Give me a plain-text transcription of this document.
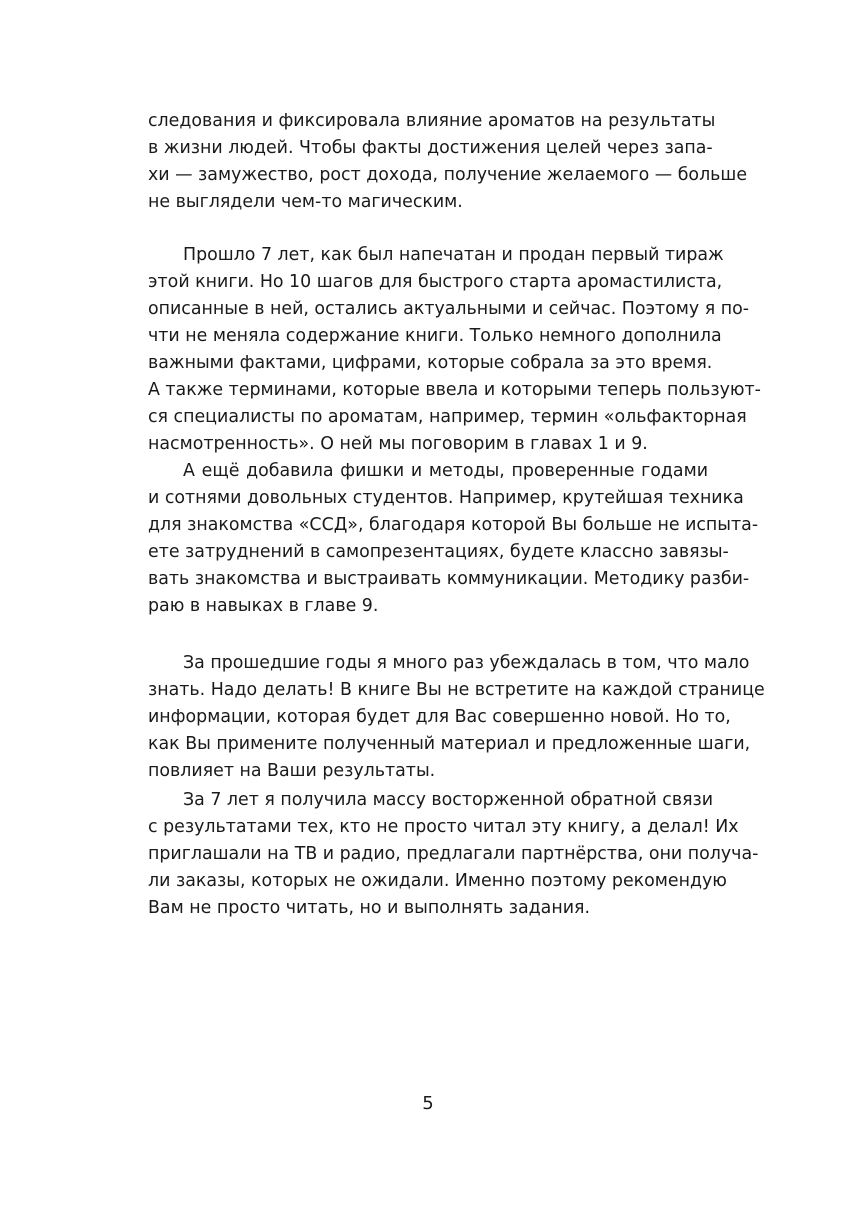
следования и фиксировала влияние ароматов на результаты
в жизни людей. Чтобы факты достижения целей через запа-
хи — замужество, рост дохода, получение желаемого — больше
не выглядели чем-то магическим.
Прошло 7 лет, как был напечатан и продан первый тираж
этой книги. Но 10 шагов для быстрого старта аромастилиста,
описанные в ней, остались актуальными и сейчас. Поэтому я по-
чти не меняла содержание книги. Только немного дополнила
важными фактами, цифрами, которые собрала за это время.
А также терминами, которые ввела и которыми теперь пользуют-
ся специалисты по ароматам, например, термин «ольфакторная
насмотренность». О ней мы поговорим в главах 1 и 9.
А ещё добавила фишки и методы, проверенные годами
и сотнями довольных студентов. Например, крутейшая техника
для знакомства «ССД», благодаря которой Вы больше не испыта-
ете затруднений в самопрезентациях, будете классно завязы-
вать знакомства и выстраивать коммуникации. Методику разби-
раю в навыках в главе 9.
За прошедшие годы я много раз убеждалась в том, что мало
знать. Надо делать! В книге Вы не встретите на каждой странице
информации, которая будет для Вас совершенно новой. Но то,
как Вы примените полученный материал и предложенные шаги,
повлияет на Ваши результаты.
За 7 лет я получила массу восторженной обратной связи
с результатами тех, кто не просто читал эту книгу, а делал! Их
приглашали на ТВ и радио, предлагали партнёрства, они получа-
ли заказы, которых не ожидали. Именно поэтому рекомендую
Вам не просто читать, но и выполнять задания.
5
